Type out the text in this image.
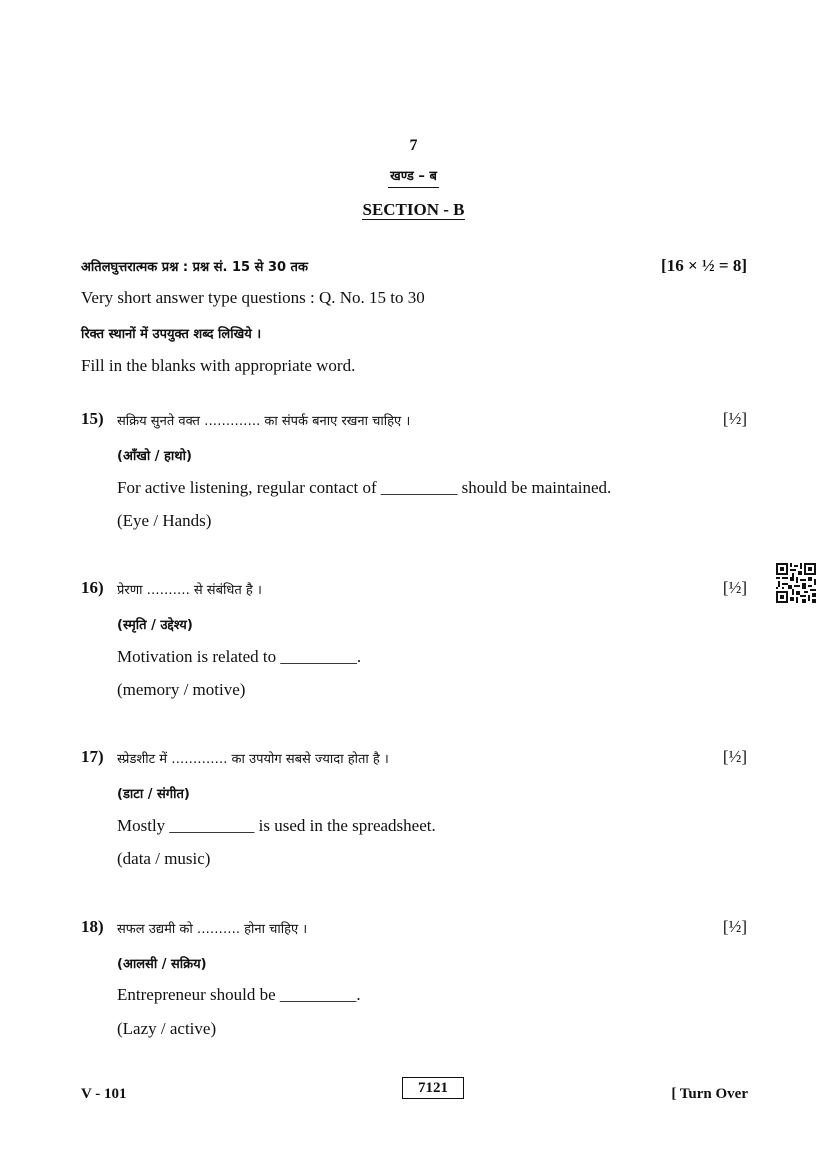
7
खण्ड – ब
SECTION - B
अतिलघुत्तरात्मक प्रश्न : प्रश्न सं. 15 से 30 तक	[16 × ½ = 8]
Very short answer type questions : Q. No. 15 to 30
रिक्त स्थानों में उपयुक्त शब्द लिखिये ।
Fill in the blanks with appropriate word.
15) सक्रिय सुनते वक्त …………. का संपर्क बनाए रखना चाहिए ।	[½]
(आँखो / हाथो)
For active listening, regular contact of _________ should be maintained.
(Eye / Hands)
16) प्रेरणा ………. से संबंधित है ।	[½]
(स्मृति / उद्देश्य)
Motivation is related to _________.
(memory / motive)
17) स्प्रेडशीट में …………. का उपयोग सबसे ज्यादा होता है ।	[½]
(डाटा / संगीत)
Mostly __________ is used in the spreadsheet.
(data / music)
18) सफल उद्यमी को ………. होना चाहिए ।	[½]
(आलसी / सक्रिय)
Entrepreneur should be _________.
(Lazy / active)
V - 101	7121	[ Turn Over
